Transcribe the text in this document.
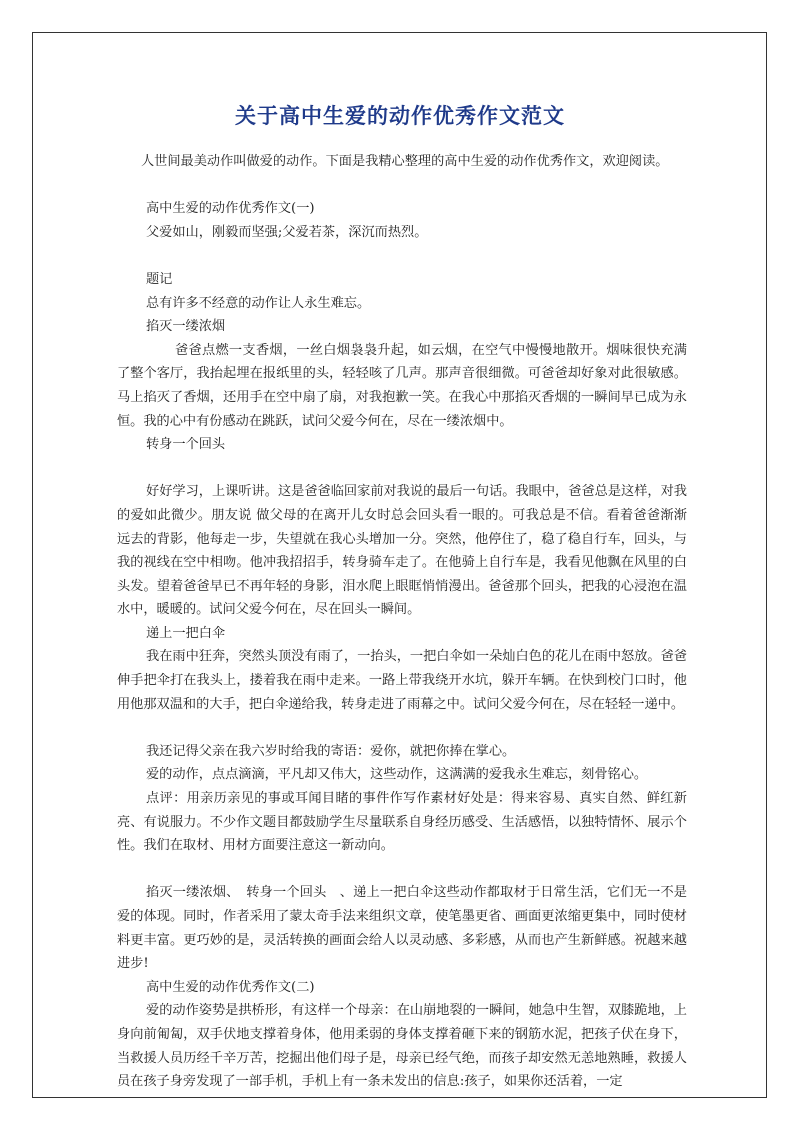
关于高中生爱的动作优秀作文范文

人世间最美动作叫做爱的动作。下面是我精心整理的高中生爱的动作优秀作文，欢迎阅读。

高中生爱的动作优秀作文(一)

父爱如山，刚毅而坚强;父爱若茶，深沉而热烈。

题记

总有许多不经意的动作让人永生难忘。

掐灭一缕浓烟

爸爸点燃一支香烟，一丝白烟袅袅升起，如云烟，在空气中慢慢地散开。烟味很快充满了整个客厅，我抬起埋在报纸里的头，轻轻咳了几声。那声音很细微。可爸爸却好象对此很敏感。马上掐灭了香烟，还用手在空中扇了扇，对我抱歉一笑。在我心中那掐灭香烟的一瞬间早已成为永恒。我的心中有份感动在跳跃，试问父爱今何在，尽在一缕浓烟中。

转身一个回头

好好学习，上课听讲。这是爸爸临回家前对我说的最后一句话。我眼中，爸爸总是这样，对我的爱如此微少。朋友说 做父母的在离开儿女时总会回头看一眼的。可我总是不信。看着爸爸渐渐远去的背影，他每走一步，失望就在我心头增加一分。突然，他停住了，稳了稳自行车，回头，与我的视线在空中相吻。他冲我招招手，转身骑车走了。在他骑上自行车是，我看见他飘在风里的白头发。望着爸爸早已不再年轻的身影，泪水爬上眼眶悄悄漫出。爸爸那个回头，把我的心浸泡在温水中，暖暖的。试问父爱今何在，尽在回头一瞬间。

递上一把白伞

我在雨中狂奔，突然头顶没有雨了，一抬头，一把白伞如一朵灿白色的花儿在雨中怒放。爸爸伸手把伞打在我头上，搂着我在雨中走来。一路上带我绕开水坑，躲开车辆。在快到校门口时，他用他那双温和的大手，把白伞递给我，转身走进了雨幕之中。试问父爱今何在，尽在轻轻一递中。

我还记得父亲在我六岁时给我的寄语：爱你，就把你捧在掌心。

爱的动作，点点滴滴，平凡却又伟大，这些动作，这满满的爱我永生难忘，刻骨铭心。

点评：用亲历亲见的事或耳闻目睹的事件作写作素材好处是：得来容易、真实自然、鲜红新亮、有说服力。不少作文题目都鼓励学生尽量联系自身经历感受、生活感悟，以独特情怀、展示个性。我们在取材、用材方面要注意这一新动向。

掐灭一缕浓烟、　转身一个回头　、递上一把白伞这些动作都取材于日常生活，它们无一不是爱的体现。同时，作者采用了蒙太奇手法来组织文章，使笔墨更省、画面更浓缩更集中，同时使材料更丰富。更巧妙的是，灵活转换的画面会给人以灵动感、多彩感，从而也产生新鲜感。祝越来越进步!

高中生爱的动作优秀作文(二)

爱的动作姿势是拱桥形，有这样一个母亲：在山崩地裂的一瞬间，她急中生智，双膝跪地，上身向前匍匐，双手伏地支撑着身体，他用柔弱的身体支撑着砸下来的钢筋水泥，把孩子伏在身下，当救援人员历经千辛万苦，挖掘出他们母子是，母亲已经气绝，而孩子却安然无恙地熟睡，救援人员在孩子身旁发现了一部手机，手机上有一条未发出的信息:孩子，如果你还活着，一定
